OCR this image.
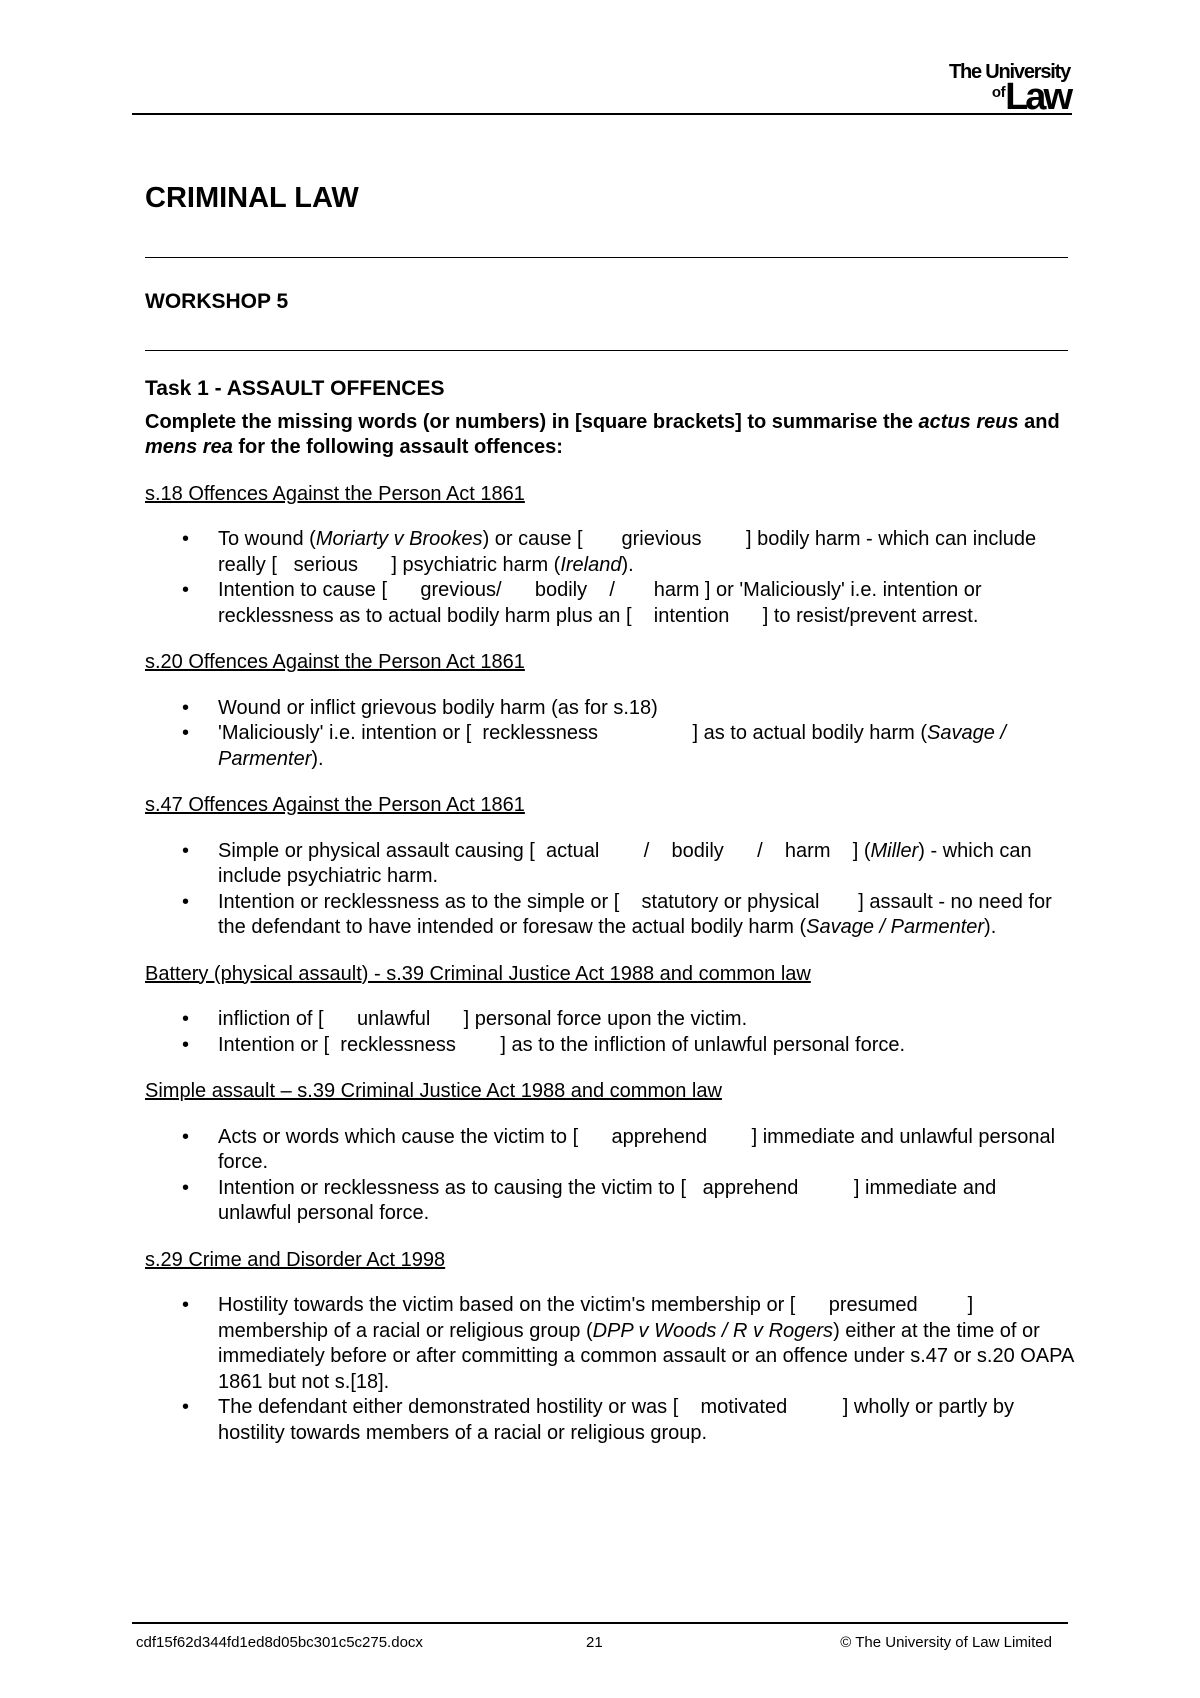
The University
ofLaw
CRIMINAL LAW
WORKSHOP 5

Task 1 - ASSAULT OFFENCES

Complete the missing words (or numbers) in [square brackets] to summarise the actus reus and mens rea for the following assault offences:

s.18 Offences Against the Person Act 1861

• To wound (Moriarty v Brookes) or cause [       grievious        ] bodily harm - which can include really [   serious      ] psychiatric harm (Ireland).
• Intention to cause [      grevious/      bodily    /       harm ] or 'Maliciously' i.e. intention or recklessness as to actual bodily harm plus an [    intention      ] to resist/prevent arrest.

s.20 Offences Against the Person Act 1861

• Wound or inflict grievous bodily harm (as for s.18)
• 'Maliciously' i.e. intention or [  recklessness                 ] as to actual bodily harm (Savage / Parmenter).

s.47 Offences Against the Person Act 1861

• Simple or physical assault causing [  actual        /    bodily      /    harm    ] (Miller) - which can include psychiatric harm.
• Intention or recklessness as to the simple or [    statutory or physical       ] assault - no need for the defendant to have intended or foresaw the actual bodily harm (Savage / Parmenter).

Battery (physical assault) - s.39 Criminal Justice Act 1988 and common law

• infliction of [      unlawful      ] personal force upon the victim.
• Intention or [  recklessness        ] as to the infliction of unlawful personal force.

Simple assault – s.39 Criminal Justice Act 1988 and common law

• Acts or words which cause the victim to [      apprehend        ] immediate and unlawful personal force.
• Intention or recklessness as to causing the victim to [   apprehend          ] immediate and unlawful personal force.

s.29 Crime and Disorder Act 1998

• Hostility towards the victim based on the victim's membership or [      presumed         ] membership of a racial or religious group (DPP v Woods / R v Rogers) either at the time of or immediately before or after committing a common assault or an offence under s.47 or s.20 OAPA 1861 but not s.[18].
• The defendant either demonstrated hostility or was [    motivated          ] wholly or partly by hostility towards members of a racial or religious group.
cdf15f62d344fd1ed8d05bc301c5c275.docx	21	© The University of Law Limited
